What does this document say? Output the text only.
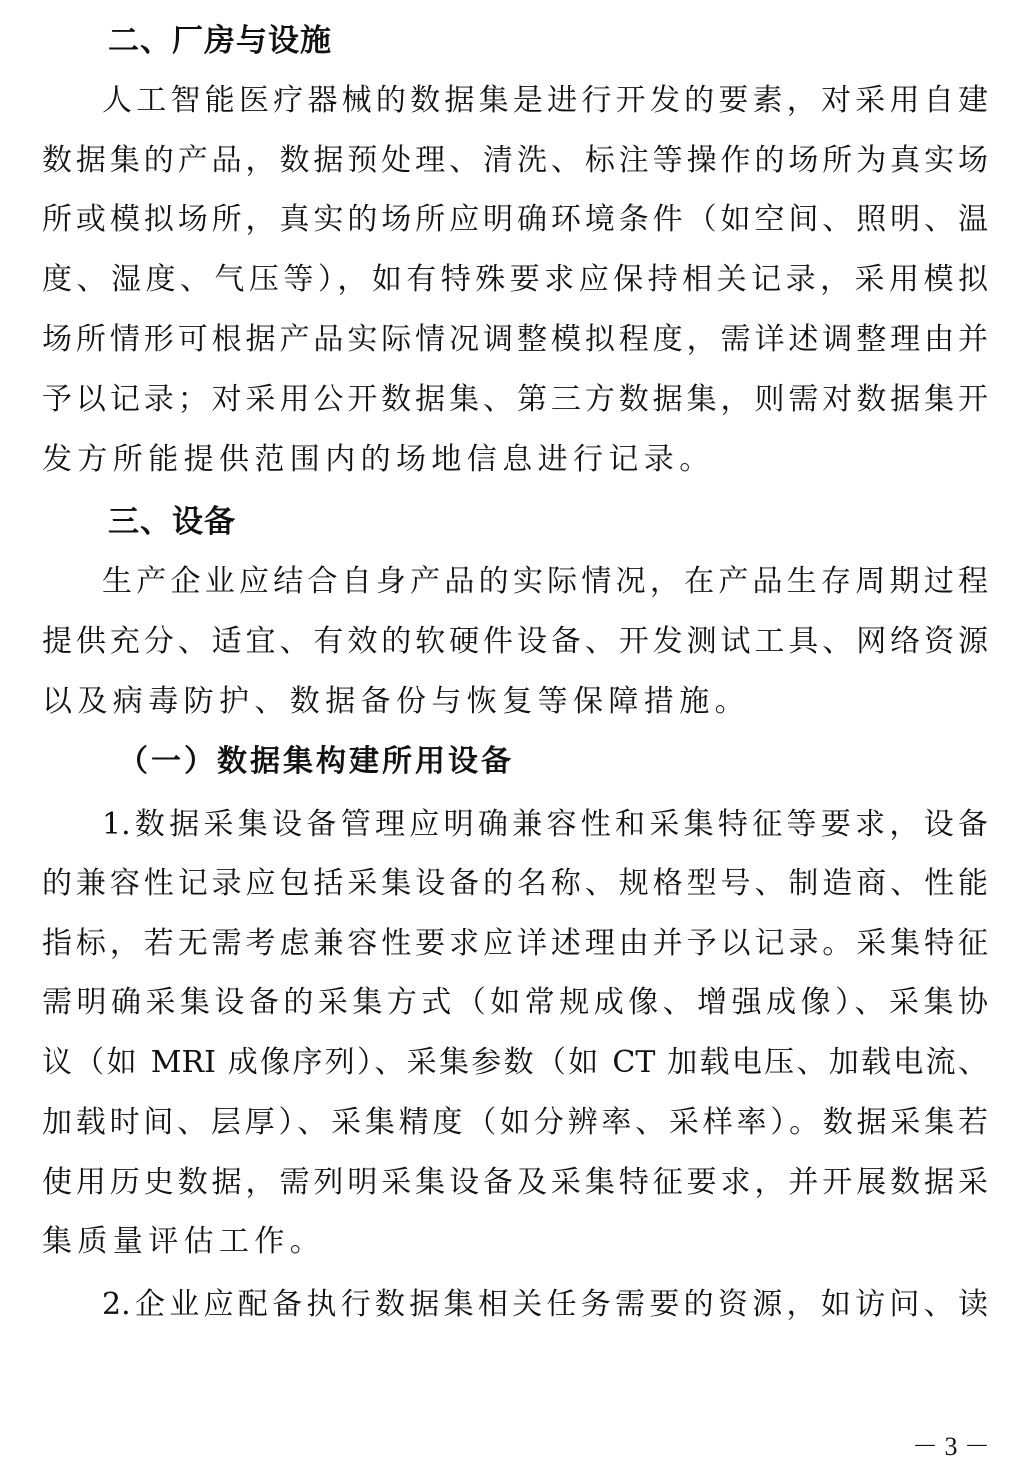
二、厂房与设施
人工智能医疗器械的数据集是进行开发的要素，对采用自建
数据集的产品，数据预处理、清洗、标注等操作的场所为真实场
所或模拟场所，真实的场所应明确环境条件（如空间、照明、温
度、湿度、气压等），如有特殊要求应保持相关记录，采用模拟
场所情形可根据产品实际情况调整模拟程度，需详述调整理由并
予以记录；对采用公开数据集、第三方数据集，则需对数据集开
发方所能提供范围内的场地信息进行记录。
三、设备
生产企业应结合自身产品的实际情况，在产品生存周期过程
提供充分、适宜、有效的软硬件设备、开发测试工具、网络资源
以及病毒防护、数据备份与恢复等保障措施。
（一）数据集构建所用设备
1.数据采集设备管理应明确兼容性和采集特征等要求，设备
的兼容性记录应包括采集设备的名称、规格型号、制造商、性能
指标，若无需考虑兼容性要求应详述理由并予以记录。采集特征
需明确采集设备的采集方式（如常规成像、增强成像）、采集协
议（如 MRI 成像序列）、采集参数（如 CT 加载电压、加载电流、
加载时间、层厚）、采集精度（如分辨率、采样率）。数据采集若
使用历史数据，需列明采集设备及采集特征要求，并开展数据采
集质量评估工作。
2.企业应配备执行数据集相关任务需要的资源，如访问、读
－ 3 －
